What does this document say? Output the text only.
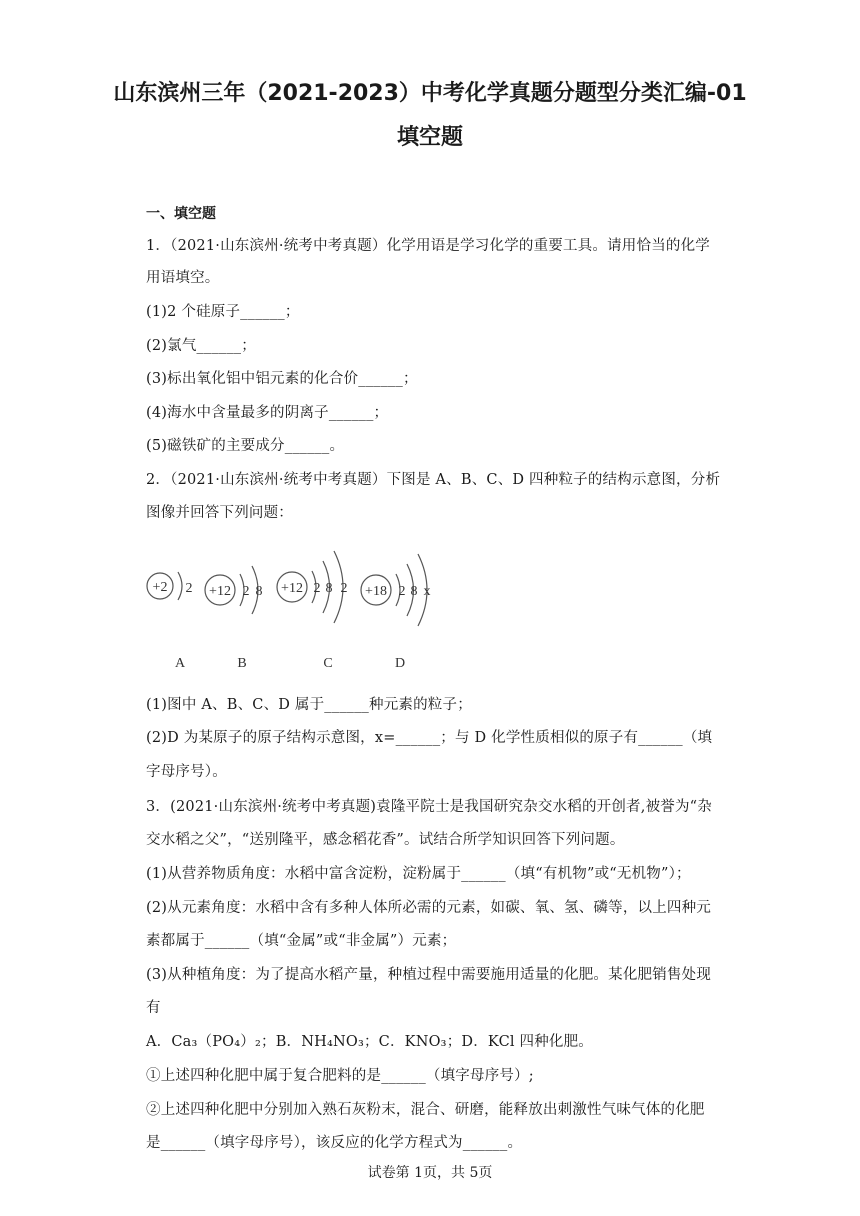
山东滨州三年（2021-2023）中考化学真题分题型分类汇编-01
填空题
一、填空题
1．（2021·山东滨州·统考中考真题）化学用语是学习化学的重要工具。请用恰当的化学
用语填空。
(1)2 个硅原子______；
(2)氯气______；
(3)标出氧化铝中铝元素的化合价______；
(4)海水中含量最多的阴离子______；
(5)磁铁矿的主要成分______。
2．（2021·山东滨州·统考中考真题）下图是 A、B、C、D 四种粒子的结构示意图，分析
图像并回答下列问题：
+2	+12	+12	+18
2	2 8	2 8 2	2 8 x
A	B	C	D
(1)图中 A、B、C、D 属于______种元素的粒子；
(2)D 为某原子的原子结构示意图，x=______；与 D 化学性质相似的原子有______（填
字母序号）。
3．(2021·山东滨州·统考中考真题)袁隆平院士是我国研究杂交水稻的开创者,被誉为“杂
交水稻之父”，“送别隆平，感念稻花香”。试结合所学知识回答下列问题。
(1)从营养物质角度：水稻中富含淀粉，淀粉属于______（填“有机物”或“无机物”）；
(2)从元素角度：水稻中含有多种人体所必需的元素，如碳、氧、氢、磷等，以上四种元
素都属于______（填“金属”或“非金属”）元素；
(3)从种植角度：为了提高水稻产量，种植过程中需要施用适量的化肥。某化肥销售处现
有
A．Ca₃（PO₄）₂；B．NH₄NO₃；C．KNO₃；D．KCl 四种化肥。
①上述四种化肥中属于复合肥料的是______（填字母序号）;
②上述四种化肥中分别加入熟石灰粉末，混合、研磨，能释放出刺激性气味气体的化肥
是______（填字母序号），该反应的化学方程式为______。
试卷第 1页，共 5页
